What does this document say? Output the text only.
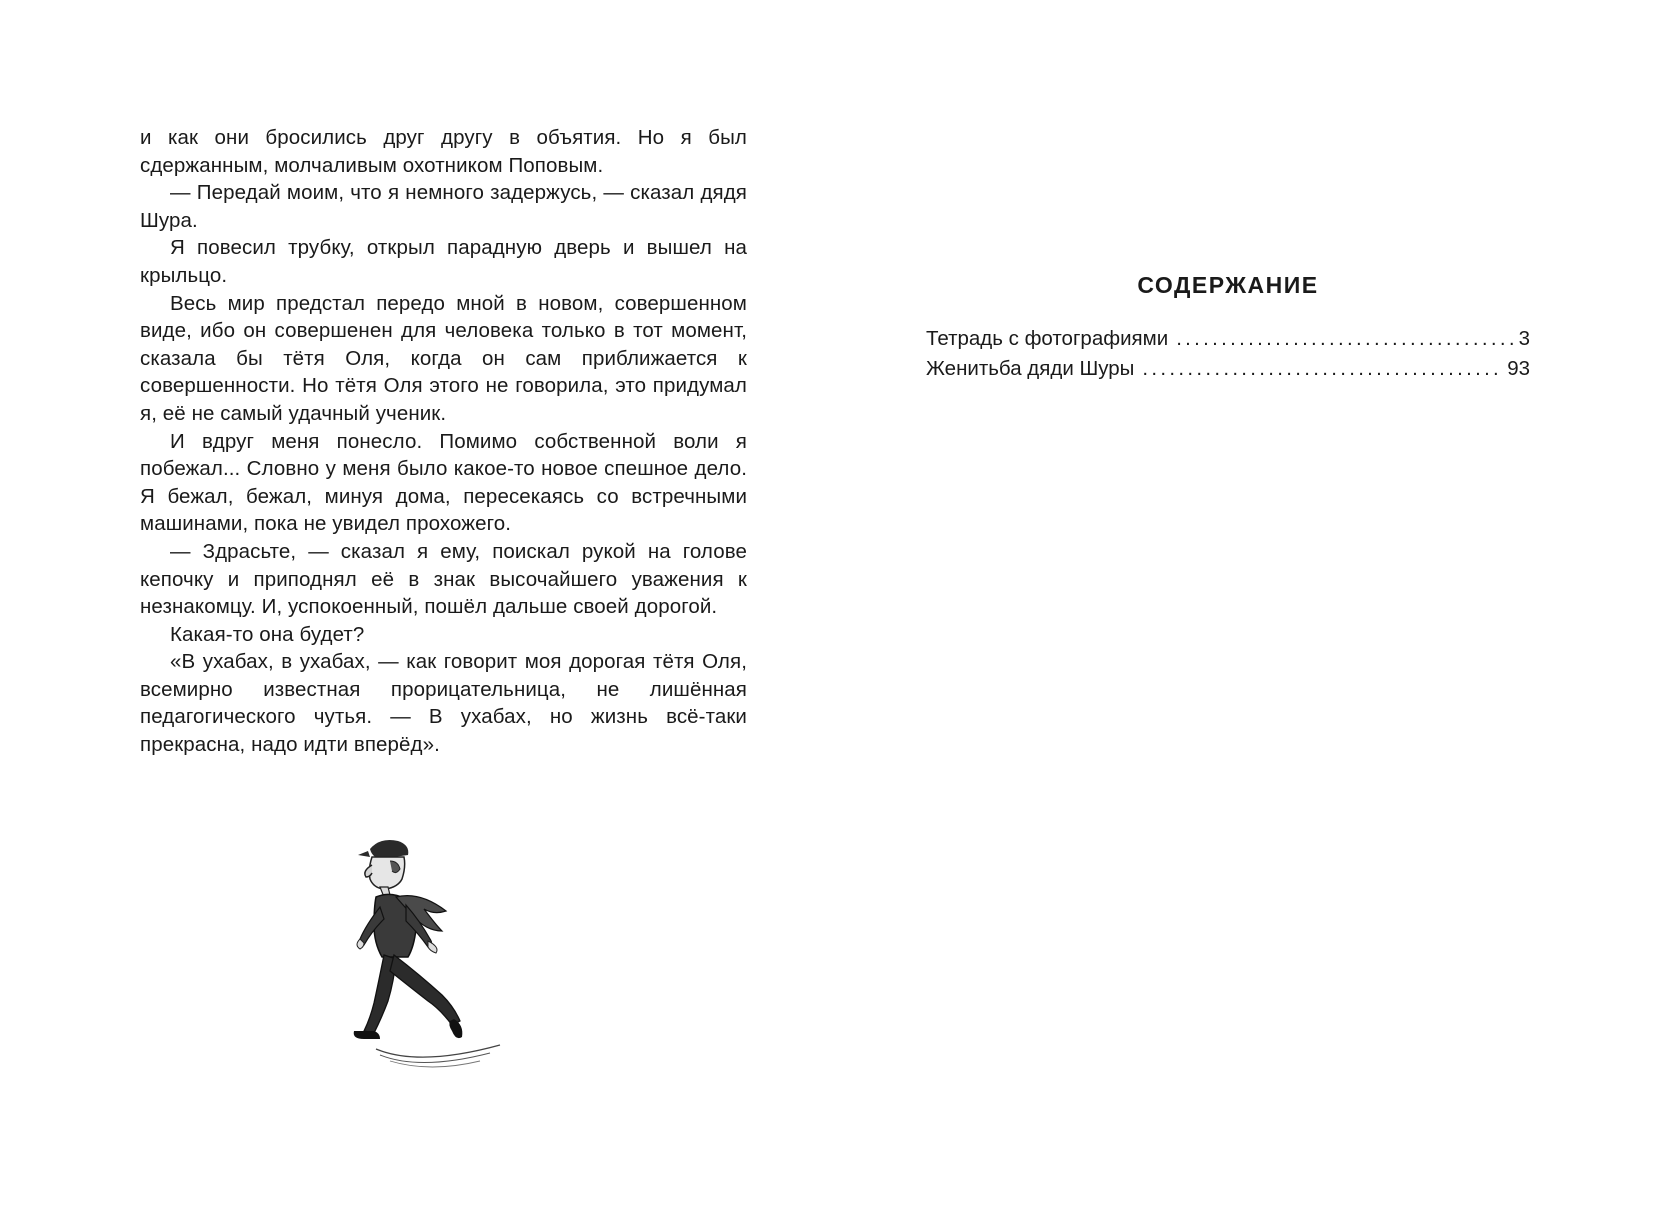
и как они бросились друг другу в объятия. Но я был сдержанным, молчаливым охотником Поповым.

— Передай моим, что я немного задержусь, — сказал дядя Шура.

Я повесил трубку, открыл парадную дверь и вышел на крыльцо.

Весь мир предстал передо мной в новом, совершенном виде, ибо он совершенен для человека только в тот момент, сказала бы тётя Оля, когда он сам приближается к совершенности. Но тётя Оля этого не говорила, это придумал я, её не самый удачный ученик.

И вдруг меня понесло. Помимо собственной воли я побежал... Словно у меня было какое-то новое спешное дело. Я бежал, бежал, минуя дома, пересекаясь со встречными машинами, пока не увидел прохожего.

— Здрасьте, — сказал я ему, поискал рукой на голове кепочку и приподнял её в знак высочайшего уважения к незнакомцу. И, успокоенный, пошёл дальше своей дорогой.

Какая-то она будет?

«В ухабах, в ухабах, — как говорит моя дорогая тётя Оля, всемирно известная прорицательница, не лишённая педагогического чутья. — В ухабах, но жизнь всё-таки прекрасна, надо идти вперёд».

СОДЕРЖАНИЕ
Тетрадь с фотографиями . . .	3
Женитьба дяди Шуры . . .	93
